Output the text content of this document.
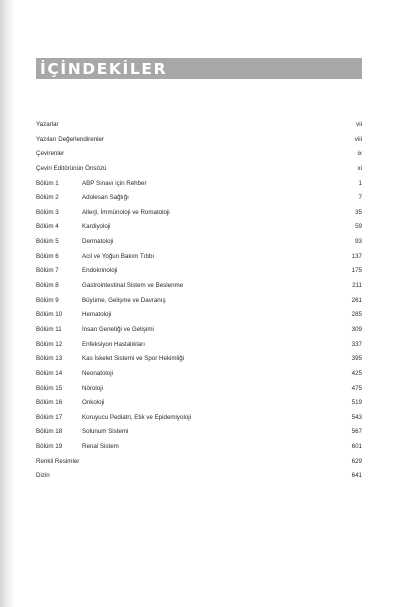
İÇİNDEKİLER
Yazarlar	vii
Yazıları Değerlendirenler	viii
Çevirenler	ix
Çeviri Editörünün Önsözü	xi
Bölüm 1	ABP Sınavı için Rehber	1
Bölüm 2	Adolesan Sağlığı	7
Bölüm 3	Allerji, İmmünoloji ve Romatoloji	35
Bölüm 4	Kardiyoloji	59
Bölüm 5	Dermatoloji	93
Bölüm 6	Acil ve Yoğun Bakım Tıbbı	137
Bölüm 7	Endokrinoloji	175
Bölüm 8	Gastrointestinal Sistem ve Beslenme	211
Bölüm 9	Büyüme, Gelişme ve Davranış	261
Bölüm 10	Hematoloji	285
Bölüm 11	İnsan Genetiği ve Gelişimi	309
Bölüm 12	Enfeksiyon Hastalıkları	337
Bölüm 13	Kas İskelet Sistemi ve Spor Hekimliği	395
Bölüm 14	Neonatoloji	425
Bölüm 15	Nöroloji	475
Bölüm 16	Onkoloji	519
Bölüm 17	Koruyucu Pediatri, Etik ve Epidemiyoloji	543
Bölüm 18	Solunum Sistemi	567
Bölüm 19	Renal Sistem	601
Renkli Resimler	629
Dizin	641
